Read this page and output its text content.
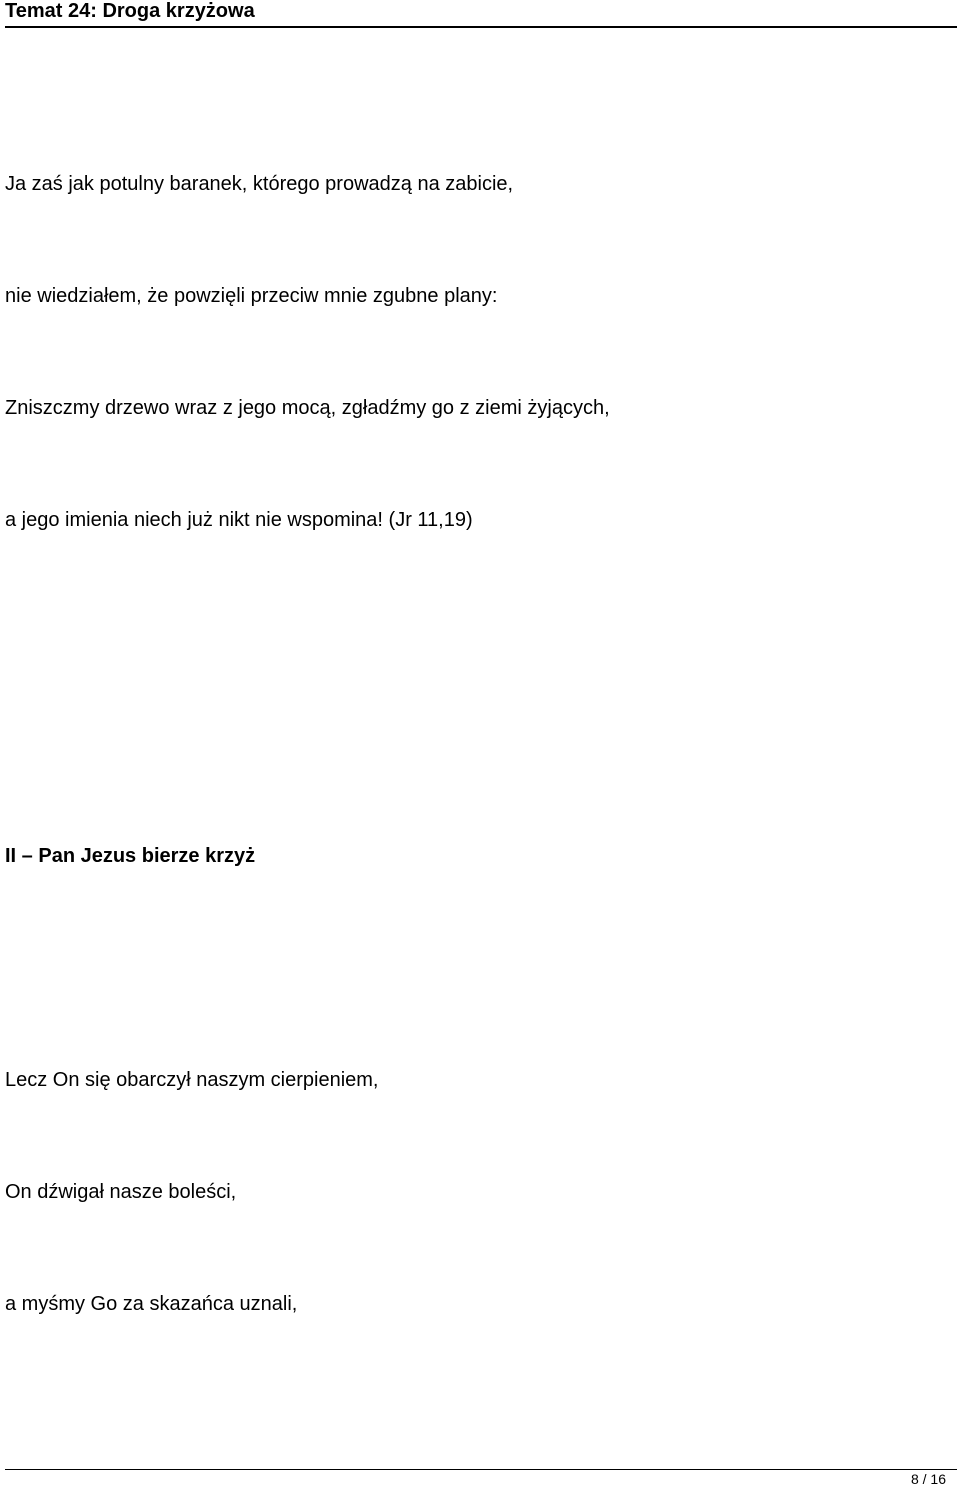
Temat 24: Droga krzyżowa
Ja zaś jak potulny baranek, którego prowadzą na zabicie,
nie wiedziałem, że powzięli przeciw mnie zgubne plany:
Zniszczmy drzewo wraz z jego mocą, zgładźmy go z ziemi żyjących,
a jego imienia niech już nikt nie wspomina! (Jr 11,19)
II – Pan Jezus bierze krzyż
Lecz On się obarczył naszym cierpieniem,
On dźwigał nasze boleści,
a myśmy Go za skazańca uznali,
8 / 16
